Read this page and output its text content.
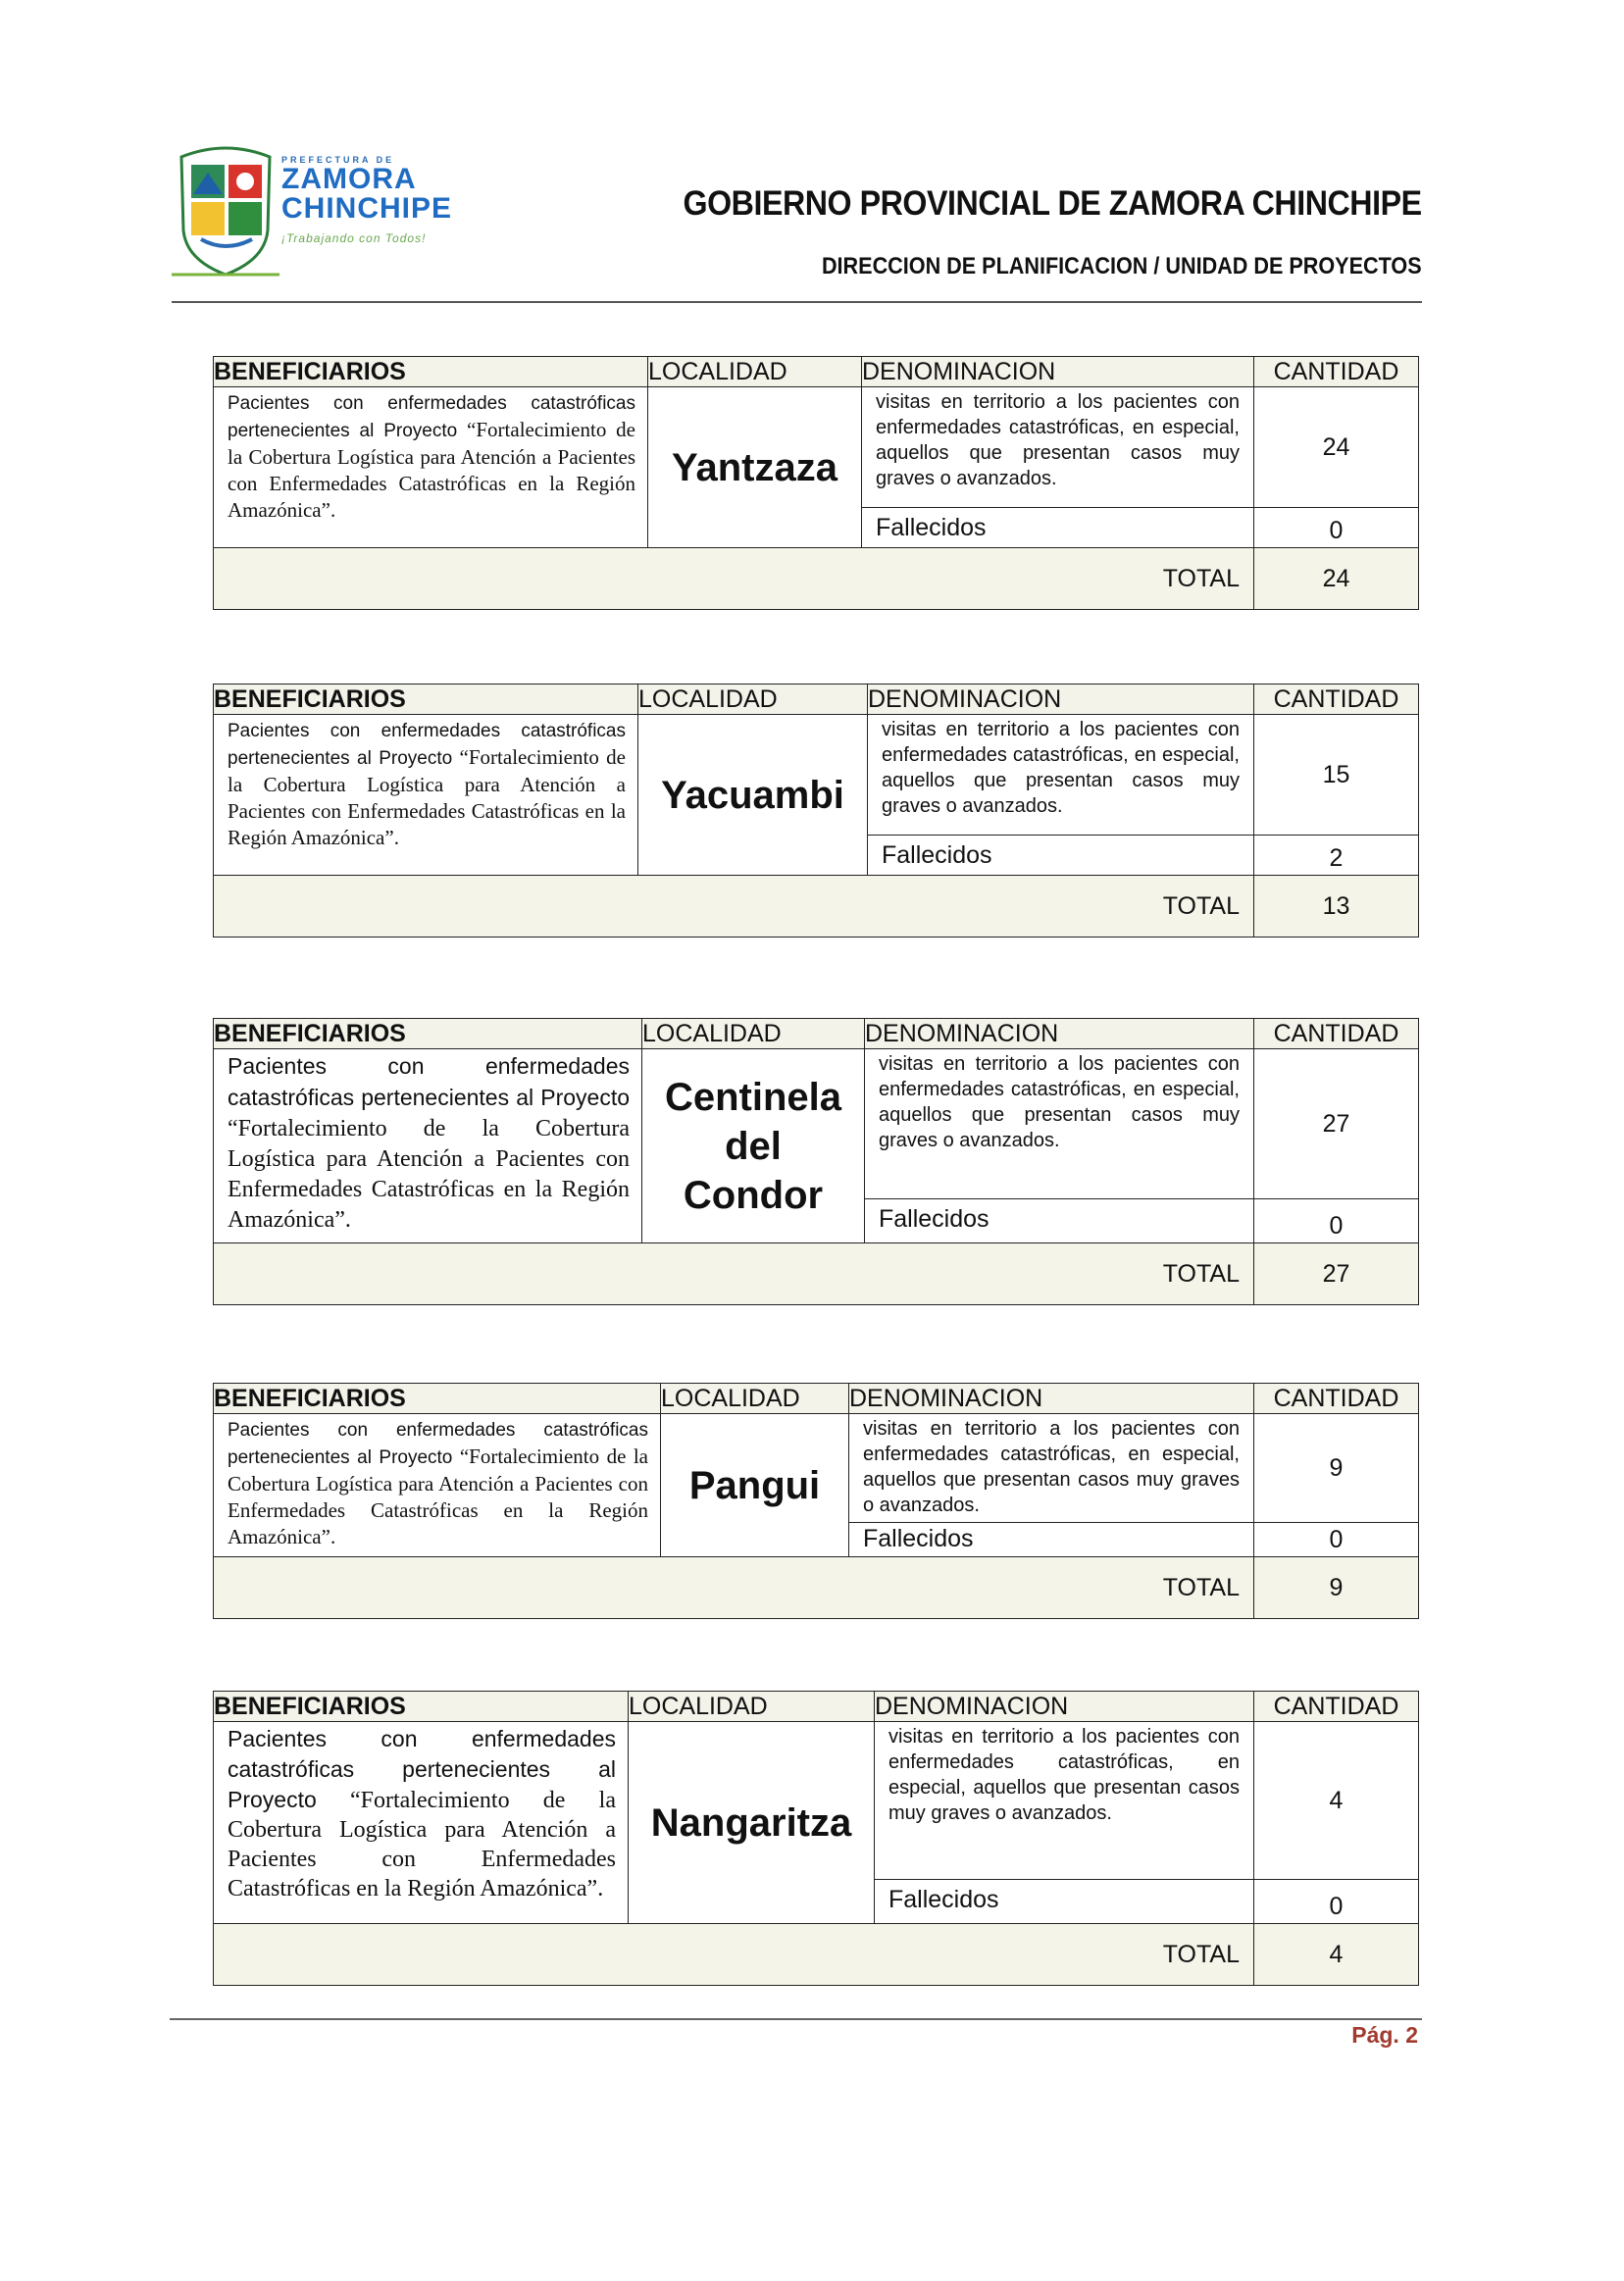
PREFECTURA DE
ZAMORA
CHINCHIPE
¡Trabajando con Todos!
GOBIERNO PROVINCIAL DE ZAMORA CHINCHIPE
DIRECCION DE PLANIFICACION / UNIDAD DE PROYECTOS
BENEFICIARIOS	LOCALIDAD	DENOMINACION	CANTIDAD
Pacientes con enfermedades catastróficas pertenecientes al Proyecto “Fortalecimiento de la Cobertura Logística para Atención a Pacientes con Enfermedades Catastróficas en la Región Amazónica”.	Yantzaza	visitas en territorio a los pacientes con enfermedades catastróficas, en especial, aquellos que presentan casos muy graves o avanzados.	24
		Fallecidos	0
TOTAL			24
BENEFICIARIOS	LOCALIDAD	DENOMINACION	CANTIDAD
Pacientes con enfermedades catastróficas pertenecientes al Proyecto “Fortalecimiento de la Cobertura Logística para Atención a Pacientes con Enfermedades Catastróficas en la Región Amazónica”.	Yacuambi	visitas en territorio a los pacientes con enfermedades catastróficas, en especial, aquellos que presentan casos muy graves o avanzados.	15
		Fallecidos	2
TOTAL			13
BENEFICIARIOS	LOCALIDAD	DENOMINACION	CANTIDAD
Pacientes con enfermedades catastróficas pertenecientes al Proyecto “Fortalecimiento de la Cobertura Logística para Atención a Pacientes con Enfermedades Catastróficas en la Región Amazónica”.	Centinela del Condor	visitas en territorio a los pacientes con enfermedades catastróficas, en especial, aquellos que presentan casos muy graves o avanzados.	27
		Fallecidos	0
TOTAL			27
BENEFICIARIOS	LOCALIDAD	DENOMINACION	CANTIDAD
Pacientes con enfermedades catastróficas pertenecientes al Proyecto “Fortalecimiento de la Cobertura Logística para Atención a Pacientes con Enfermedades Catastróficas en la Región Amazónica”.	Pangui	visitas en territorio a los pacientes con enfermedades catastróficas, en especial, aquellos que presentan casos muy graves o avanzados.	9
		Fallecidos	0
TOTAL			9
BENEFICIARIOS	LOCALIDAD	DENOMINACION	CANTIDAD
Pacientes con enfermedades catastróficas pertenecientes al Proyecto “Fortalecimiento de la Cobertura Logística para Atención a Pacientes con Enfermedades Catastróficas en la Región Amazónica”.	Nangaritza	visitas en territorio a los pacientes con enfermedades catastróficas, en especial, aquellos que presentan casos muy graves o avanzados.	4
		Fallecidos	0
TOTAL			4
Pág. 2
